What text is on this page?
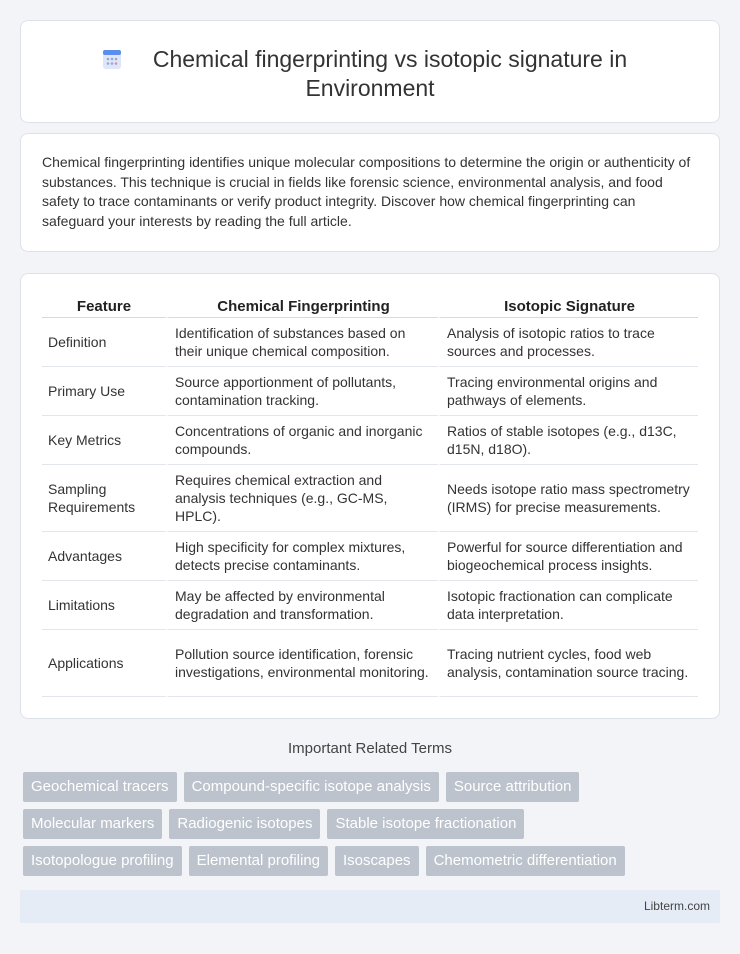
Chemical fingerprinting vs isotopic signature in
Environment

Chemical fingerprinting identifies unique molecular compositions to determine the origin or authenticity of substances. This technique is crucial in fields like forensic science, environmental analysis, and food safety to trace contaminants or verify product integrity. Discover how chemical fingerprinting can safeguard your interests by reading the full article.

Feature	Chemical Fingerprinting	Isotopic Signature
Definition	Identification of substances based on their unique chemical composition.	Analysis of isotopic ratios to trace sources and processes.
Primary Use	Source apportionment of pollutants, contamination tracking.	Tracing environmental origins and pathways of elements.
Key Metrics	Concentrations of organic and inorganic compounds.	Ratios of stable isotopes (e.g., d13C, d15N, d18O).
Sampling Requirements	Requires chemical extraction and analysis techniques (e.g., GC-MS, HPLC).	Needs isotope ratio mass spectrometry (IRMS) for precise measurements.
Advantages	High specificity for complex mixtures, detects precise contaminants.	Powerful for source differentiation and biogeochemical process insights.
Limitations	May be affected by environmental degradation and transformation.	Isotopic fractionation can complicate data interpretation.
Applications	Pollution source identification, forensic investigations, environmental monitoring.	Tracing nutrient cycles, food web analysis, contamination source tracing.
Important Related Terms
Geochemical tracers	Compound-specific isotope analysis	Source attribution
Molecular markers	Radiogenic isotopes	Stable isotope fractionation
Isotopologue profiling	Elemental profiling	Isoscapes	Chemometric differentiation
Libterm.com
